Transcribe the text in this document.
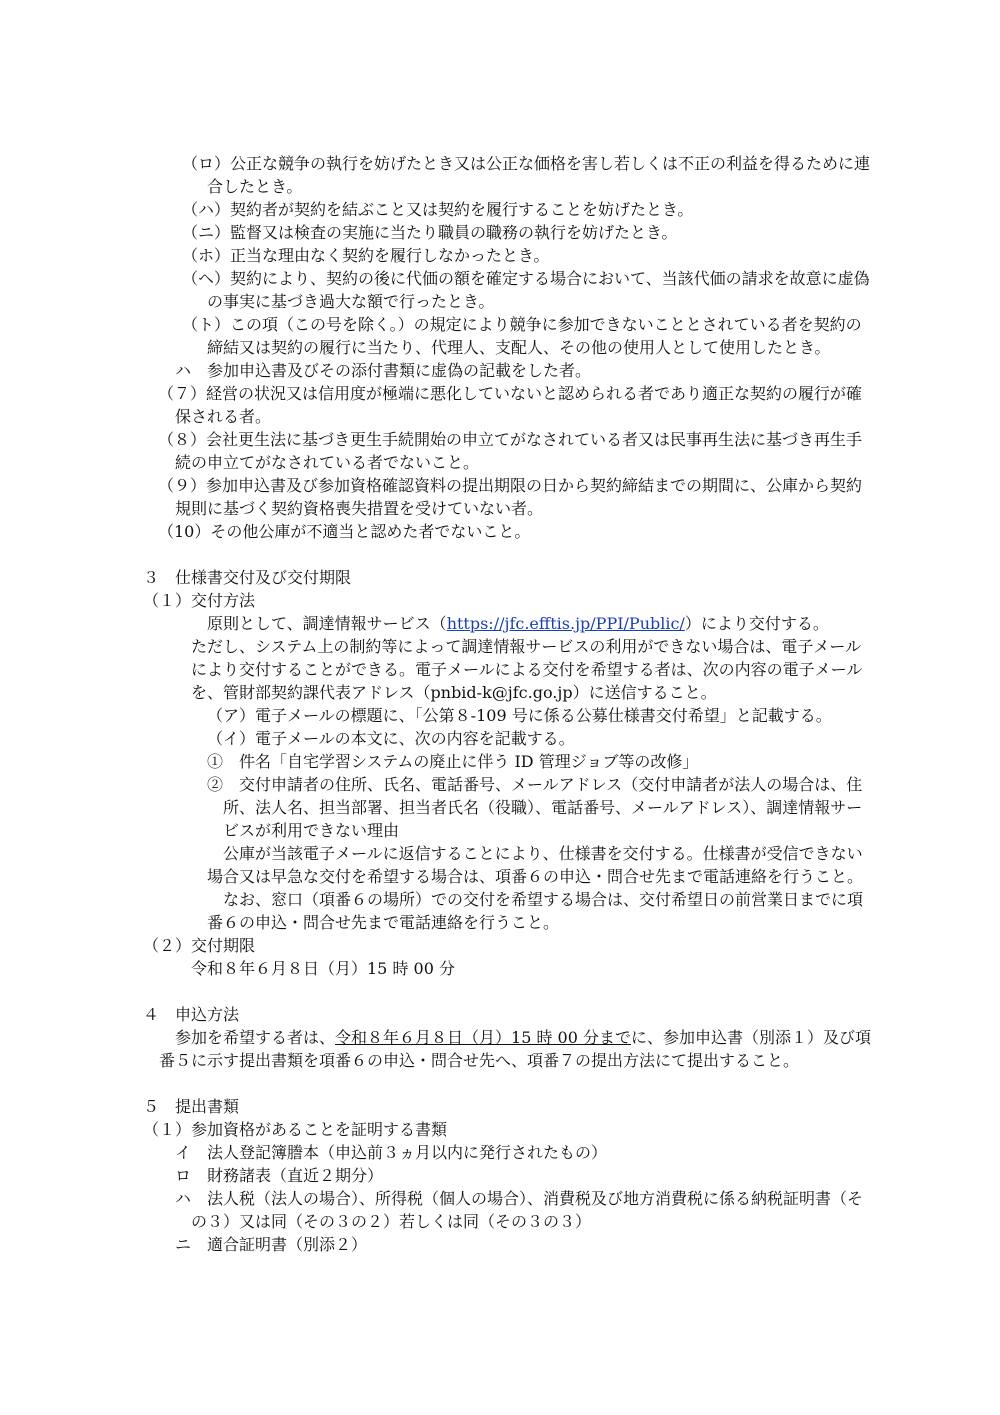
（ロ）公正な競争の執行を妨げたとき又は公正な価格を害し若しくは不正の利益を得るために連
合したとき。
（ハ）契約者が契約を結ぶこと又は契約を履行することを妨げたとき。
（ニ）監督又は検査の実施に当たり職員の職務の執行を妨げたとき。
（ホ）正当な理由なく契約を履行しなかったとき。
（ヘ）契約により、契約の後に代価の額を確定する場合において、当該代価の請求を故意に虚偽
の事実に基づき過大な額で行ったとき。
（ト）この項（この号を除く。）の規定により競争に参加できないこととされている者を契約の
締結又は契約の履行に当たり、代理人、支配人、その他の使用人として使用したとき。
ハ　参加申込書及びその添付書類に虚偽の記載をした者。
（７）経営の状況又は信用度が極端に悪化していないと認められる者であり適正な契約の履行が確
保される者。
（８）会社更生法に基づき更生手続開始の申立てがなされている者又は民事再生法に基づき再生手
続の申立てがなされている者でないこと。
（９）参加申込書及び参加資格確認資料の提出期限の日から契約締結までの期間に、公庫から契約
規則に基づく契約資格喪失措置を受けていない者。
（10）その他公庫が不適当と認めた者でないこと。
３　仕様書交付及び交付期限
（１）交付方法
原則として、調達情報サービス（https://jfc.efftis.jp/PPI/Public/）により交付する。
ただし、システム上の制約等によって調達情報サービスの利用ができない場合は、電子メール
により交付することができる。電子メールによる交付を希望する者は、次の内容の電子メール
を、管財部契約課代表アドレス（pnbid-k@jfc.go.jp）に送信すること。
（ア）電子メールの標題に、「公第８-109 号に係る公募仕様書交付希望」と記載する。
（イ）電子メールの本文に、次の内容を記載する。
①　件名「自宅学習システムの廃止に伴う ID 管理ジョブ等の改修」
②　交付申請者の住所、氏名、電話番号、メールアドレス（交付申請者が法人の場合は、住
所、法人名、担当部署、担当者氏名（役職）、電話番号、メールアドレス）、調達情報サー
ビスが利用できない理由
公庫が当該電子メールに返信することにより、仕様書を交付する。仕様書が受信できない
場合又は早急な交付を希望する場合は、項番６の申込・問合せ先まで電話連絡を行うこと。
なお、窓口（項番６の場所）での交付を希望する場合は、交付希望日の前営業日までに項
番６の申込・問合せ先まで電話連絡を行うこと。
（２）交付期限
令和８年６月８日（月）15 時 00 分
４　申込方法
参加を希望する者は、令和８年６月８日（月）15 時 00 分までに、参加申込書（別添１）及び項
番５に示す提出書類を項番６の申込・問合せ先へ、項番７の提出方法にて提出すること。
５　提出書類
（１）参加資格があることを証明する書類
イ　法人登記簿謄本（申込前３ヵ月以内に発行されたもの）
ロ　財務諸表（直近２期分）
ハ　法人税（法人の場合）、所得税（個人の場合）、消費税及び地方消費税に係る納税証明書（そ
の３）又は同（その３の２）若しくは同（その３の３）
ニ　適合証明書（別添２）
